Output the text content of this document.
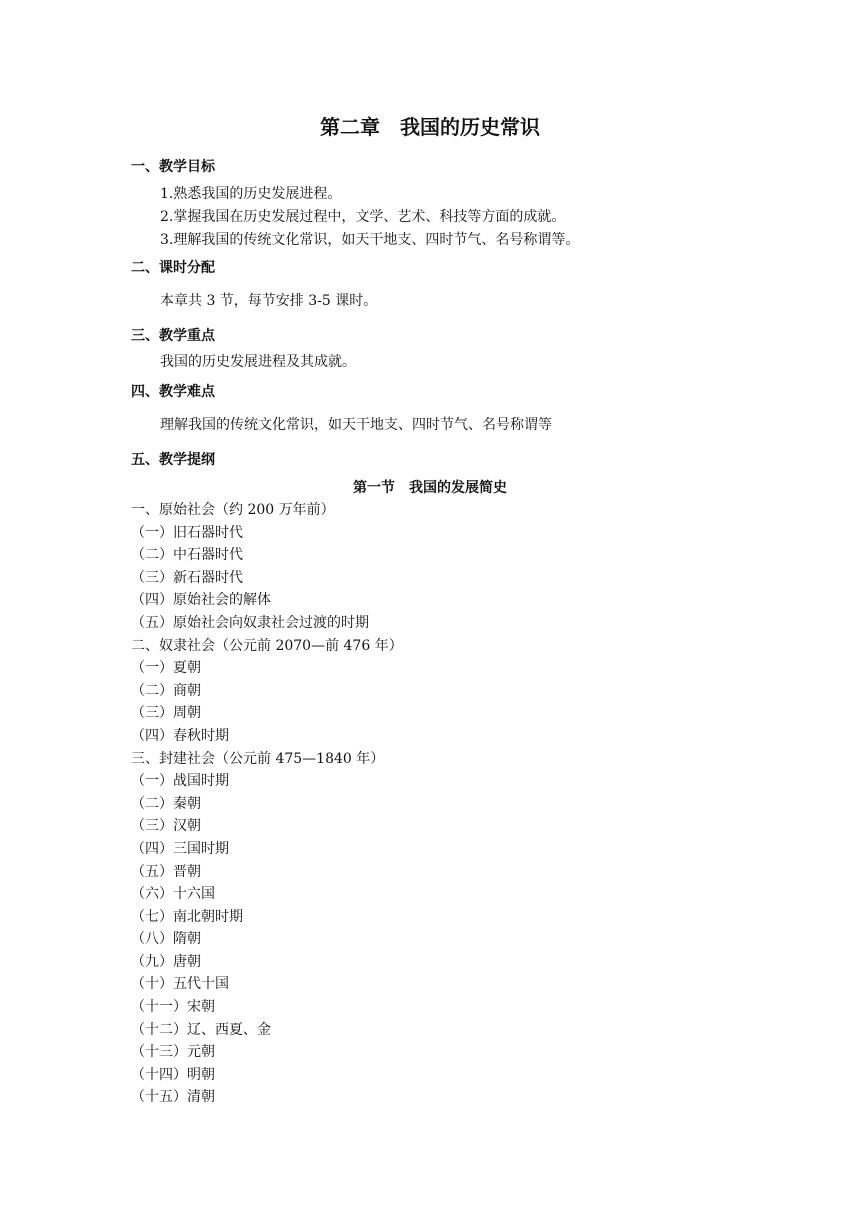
第二章　我国的历史常识
一、教学目标
1.熟悉我国的历史发展进程。
2.掌握我国在历史发展过程中，文学、艺术、科技等方面的成就。
3.理解我国的传统文化常识，如天干地支、四时节气、名号称谓等。
二、课时分配
本章共 3 节，每节安排 3-5 课时。
三、教学重点
我国的历史发展进程及其成就。
四、教学难点
理解我国的传统文化常识，如天干地支、四时节气、名号称谓等
五、教学提纲
第一节　我国的发展简史
一、原始社会（约 200 万年前）
（一）旧石器时代
（二）中石器时代
（三）新石器时代
（四）原始社会的解体
（五）原始社会向奴隶社会过渡的时期
二、奴隶社会（公元前 2070—前 476 年）
（一）夏朝
（二）商朝
（三）周朝
（四）春秋时期
三、封建社会（公元前 475—1840 年）
（一）战国时期
（二）秦朝
（三）汉朝
（四）三国时期
（五）晋朝
（六）十六国
（七）南北朝时期
（八）隋朝
（九）唐朝
（十）五代十国
（十一）宋朝
（十二）辽、西夏、金
（十三）元朝
（十四）明朝
（十五）清朝
